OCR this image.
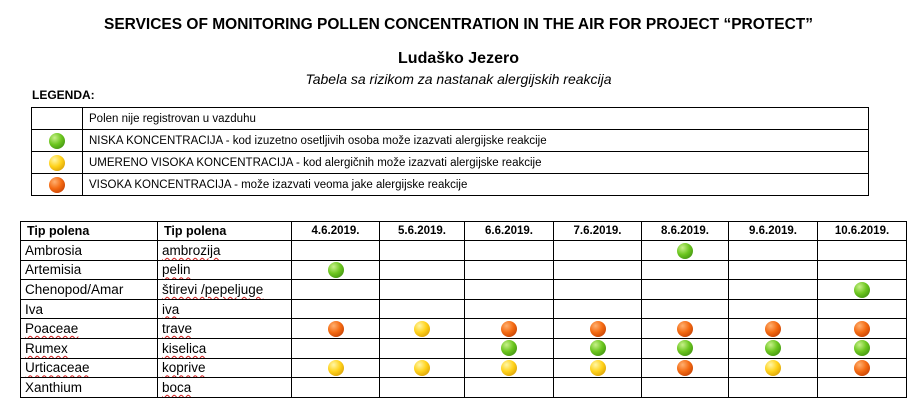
SERVICES OF MONITORING POLLEN CONCENTRATION IN THE AIR FOR PROJECT “PROTECT”
Ludaško Jezero
Tabela sa rizikom za nastanak alergijskih reakcija
LEGENDA:
	Polen nije registrovan u vazduhu
	NISKA KONCENTRACIJA - kod izuzetno osetljivih osoba može izazvati alergijske reakcije
	UMERENO VISOKA KONCENTRACIJA - kod alergičnih može izazvati alergijske reakcije
	VISOKA KONCENTRACIJA - može izazvati veoma jake alergijske reakcije
Tip polena	Tip polena	4.6.2019.	5.6.2019.	6.6.2019.	7.6.2019.	8.6.2019.	9.6.2019.	10.6.2019.
Ambrosia	ambrozija							
Artemisia	pelin							
Chenopod/Amar	štirevi /pepeljuge							
Iva	iva							
Poaceae	trave							
Rumex	kiselica							
Urticaceae	koprive							
Xanthium	boca							
